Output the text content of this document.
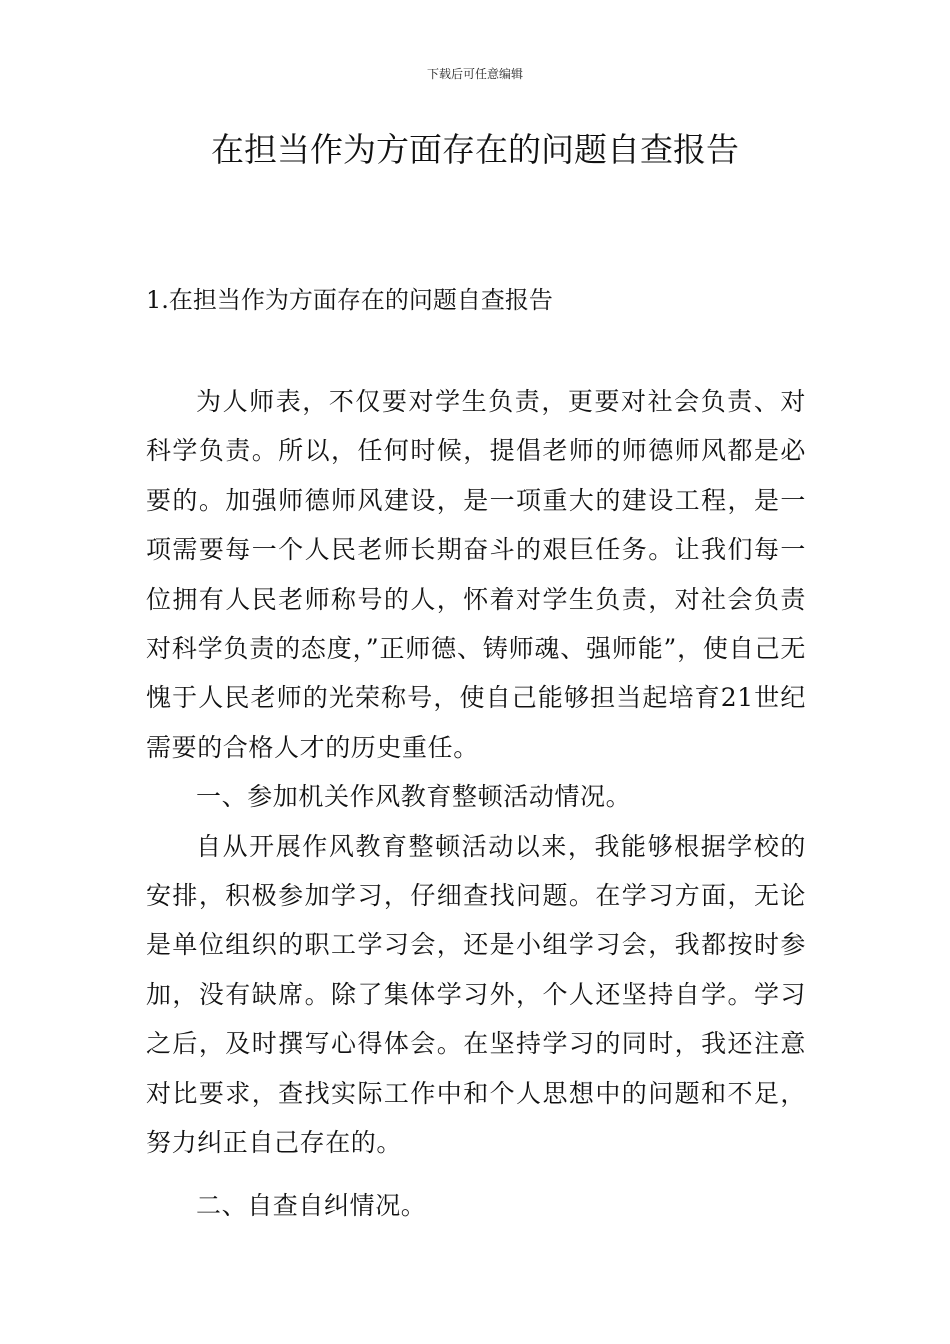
下载后可任意编辑
在担当作为方面存在的问题自查报告
1.在担当作为方面存在的问题自查报告

为人师表，不仅要对学生负责，更要对社会负责、对科学负责。所以，任何时候，提倡老师的师德师风都是必要的。加强师德师风建设，是一项重大的建设工程，是一项需要每一个人民老师长期奋斗的艰巨任务。让我们每一位拥有人民老师称号的人，怀着对学生负责，对社会负责对科学负责的态度，”正师德、铸师魂、强师能”，使自己无愧于人民老师的光荣称号，使自己能够担当起培育21世纪需要的合格人才的历史重任。

一、参加机关作风教育整顿活动情况。

自从开展作风教育整顿活动以来，我能够根据学校的安排，积极参加学习，仔细查找问题。在学习方面，无论是单位组织的职工学习会，还是小组学习会，我都按时参加，没有缺席。除了集体学习外，个人还坚持自学。学习之后，及时撰写心得体会。在坚持学习的同时，我还注意对比要求，查找实际工作中和个人思想中的问题和不足，努力纠正自己存在的。

二、自查自纠情况。
